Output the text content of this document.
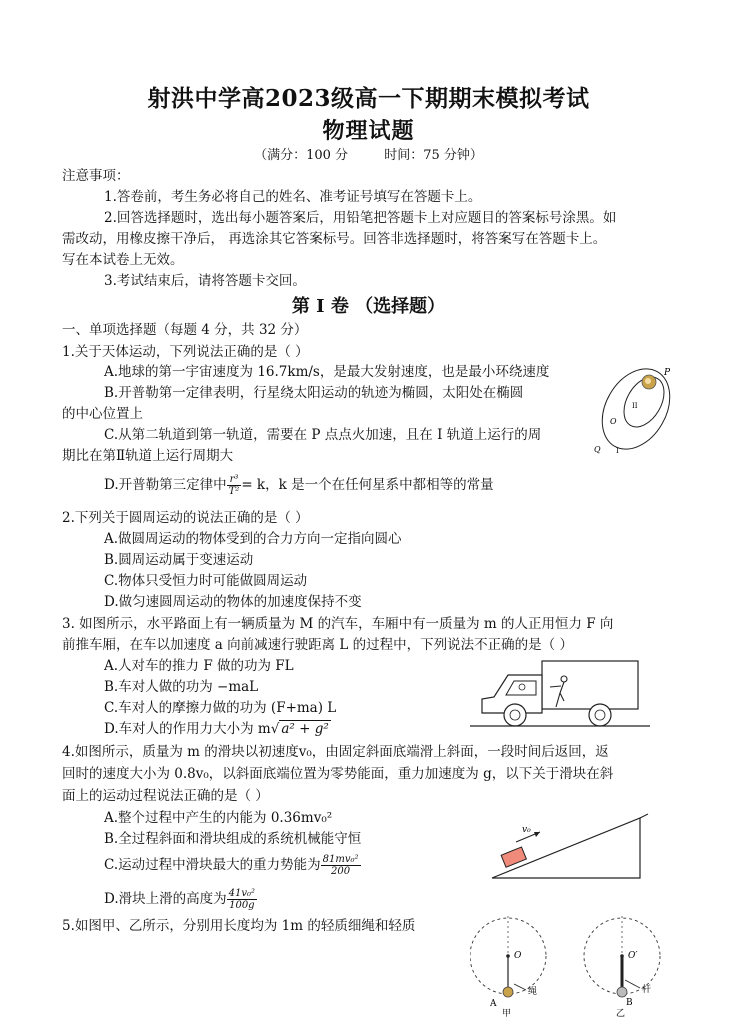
射洪中学高2023级高一下期期末模拟考试
物理试题
（满分：100 分	时间：75 分钟）
注意事项：
1.答卷前，考生务必将自己的姓名、准考证号填写在答题卡上。
2.回答选择题时，选出每小题答案后，用铅笔把答题卡上对应题目的答案标号涂黑。如
需改动，用橡皮擦干净后， 再选涂其它答案标号。回答非选择题时，将答案写在答题卡上。
写在本试卷上无效。
3.考试结束后，请将答题卡交回。
第 I 卷 （选择题）
一、单项选择题（每题 4 分，共 32 分）
1.关于天体运动，下列说法正确的是（ ）
A.地球的第一宇宙速度为 16.7km/s，是最大发射速度，也是最小环绕速度
B.开普勒第一定律表明，行星绕太阳运动的轨迹为椭圆，太阳处在椭圆
的中心位置上
C.从第二轨道到第一轨道，需要在 P 点点火加速，且在 I 轨道上运行的周
期比在第Ⅱ轨道上运行周期大
D.开普勒第三定律中 $\frac{\text{r³}}{\text{T²}} = k$，k 是一个在任何星系中都相等的常量
P
O
II
Q I
2.下列关于圆周运动的说法正确的是（ ）
A.做圆周运动的物体受到的合力方向一定指向圆心
B.圆周运动属于变速运动
C.物体只受恒力时可能做圆周运动
D.做匀速圆周运动的物体的加速度保持不变
3. 如图所示，水平路面上有一辆质量为 M 的汽车，车厢中有一质量为 m 的人正用恒力 F 向
前推车厢，在车以加速度 a 向前减速行驶距离 L 的过程中，下列说法不正确的是（ ）
A.人对车的推力 F 做的功为 FL
B.车对人做的功为 −maL
C.车对人的摩擦力做的功为 (F+ma) L
D.车对人的作用力大小为 m√ a² + g²
4.如图所示，质量为 m 的滑块以初速度v₀，由固定斜面底端滑上斜面，一段时间后返回，返
回时的速度大小为 0.8v₀，以斜面底端位置为零势能面，重力加速度为 g，以下关于滑块在斜
面上的运动过程说法正确的是（ ）
A.整个过程中产生的内能为 0.36mv₀²
B.全过程斜面和滑块组成的系统机械能守恒
C.运动过程中滑块最大的重力势能为 $\frac{\text{81mv₀²}}{200}$
D.滑块上滑的高度为 $\frac{\text{41v₀²}}{100g}$
v₀
5.如图甲、乙所示，分别用长度均为 1m 的轻质细绳和轻质
O
A
绳
甲
O′
B
杆
乙
